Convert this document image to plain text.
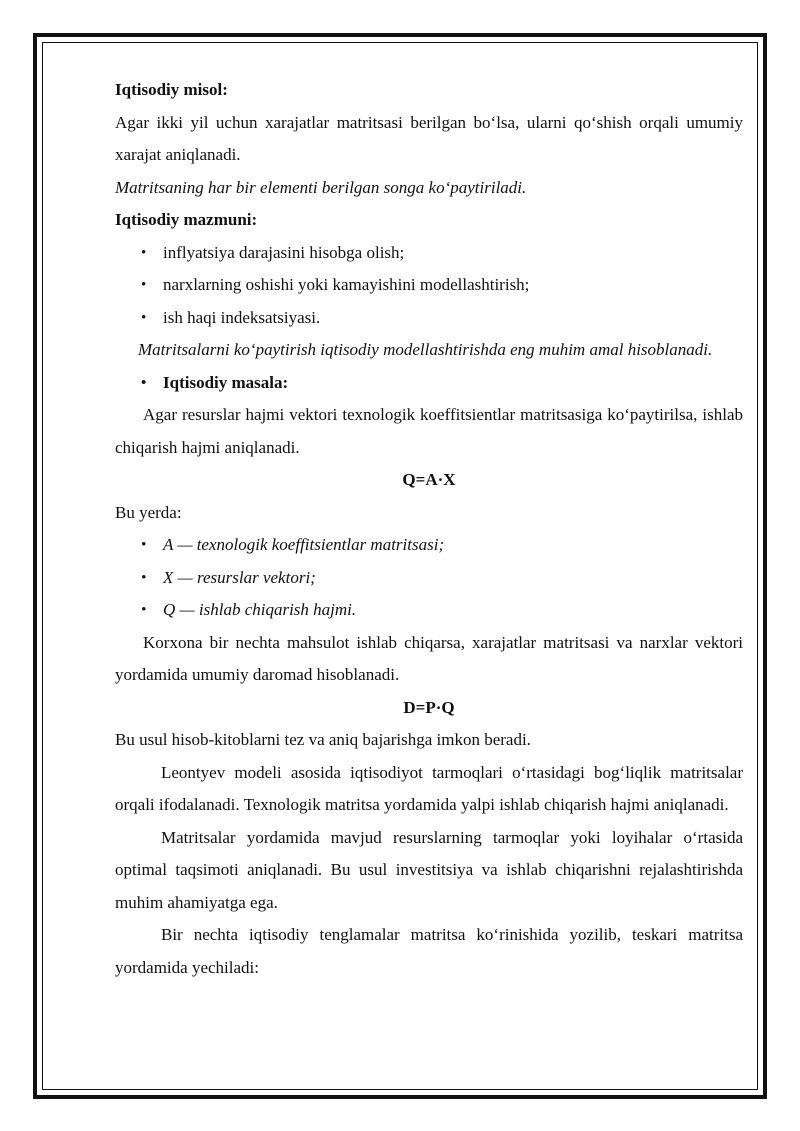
Iqtisodiy misol:

Agar ikki yil uchun xarajatlar matritsasi berilgan bo‘lsa, ularni qo‘shish orqali umumiy xarajat aniqlanadi.

Matritsaning har bir elementi berilgan songa ko‘paytiriladi.

Iqtisodiy mazmuni:

• inflyatsiya darajasini hisobga olish;
• narxlarning oshishi yoki kamayishini modellashtirish;
• ish haqi indeksatsiyasi.

Matritsalarni ko‘paytirish iqtisodiy modellashtirishda eng muhim amal hisoblanadi.

• Iqtisodiy masala:

Agar resurslar hajmi vektori texnologik koeffitsientlar matritsasiga ko‘paytirilsa, ishlab chiqarish hajmi aniqlanadi.

Q=A·X

Bu yerda:

• A — texnologik koeffitsientlar matritsasi;
• X — resurslar vektori;
• Q — ishlab chiqarish hajmi.

Korxona bir nechta mahsulot ishlab chiqarsa, xarajatlar matritsasi va narxlar vektori yordamida umumiy daromad hisoblanadi.

D=P·Q

Bu usul hisob-kitoblarni tez va aniq bajarishga imkon beradi.

Leontyev modeli asosida iqtisodiyot tarmoqlari o‘rtasidagi bog‘liqlik matritsalar orqali ifodalanadi. Texnologik matritsa yordamida yalpi ishlab chiqarish hajmi aniqlanadi.

Matritsalar yordamida mavjud resurslarning tarmoqlar yoki loyihalar o‘rtasida optimal taqsimoti aniqlanadi. Bu usul investitsiya va ishlab chiqarishni rejalashtirishda muhim ahamiyatga ega.

Bir nechta iqtisodiy tenglamalar matritsa ko‘rinishida yozilib, teskari matritsa yordamida yechiladi:
